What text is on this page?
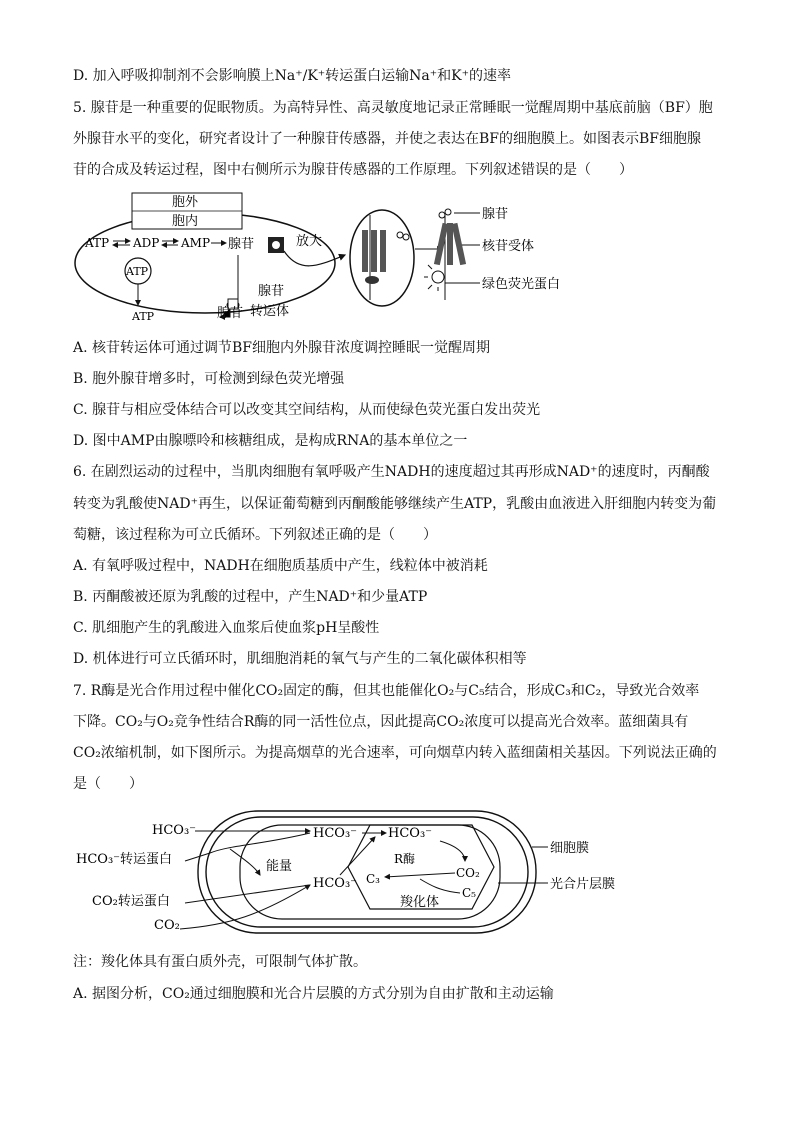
D. 加入呼吸抑制剂不会影响膜上Na⁺/K⁺转运蛋白运输Na⁺和K⁺的速率
5. 腺苷是一种重要的促眠物质。为高特异性、高灵敏度地记录正常睡眠一觉醒周期中基底前脑（BF）胞
外腺苷水平的变化，研究者设计了一种腺苷传感器，并使之表达在BF的细胞膜上。如图表示BF细胞腺
苷的合成及转运过程，图中右侧所示为腺苷传感器的工作原理。下列叙述错误的是（　　）
胞外
胞内
ATP ADP AMP 腺苷
ATP
ATP	腺苷
腺苷
转运体
放大
腺苷
核苷受体
绿色荧光蛋白
A. 核苷转运体可通过调节BF细胞内外腺苷浓度调控睡眠一觉醒周期
B. 胞外腺苷增多时，可检测到绿色荧光增强
C. 腺苷与相应受体结合可以改变其空间结构，从而使绿色荧光蛋白发出荧光
D. 图中AMP由腺嘌呤和核糖组成，是构成RNA的基本单位之一
6. 在剧烈运动的过程中，当肌肉细胞有氧呼吸产生NADH的速度超过其再形成NAD⁺的速度时，丙酮酸
转变为乳酸使NAD⁺再生，以保证葡萄糖到丙酮酸能够继续产生ATP，乳酸由血液进入肝细胞内转变为葡
萄糖，该过程称为可立氏循环。下列叙述正确的是（　　）
A. 有氧呼吸过程中，NADH在细胞质基质中产生，线粒体中被消耗
B. 丙酮酸被还原为乳酸的过程中，产生NAD⁺和少量ATP
C. 肌细胞产生的乳酸进入血浆后使血浆pH呈酸性
D. 机体进行可立氏循环时，肌细胞消耗的氧气与产生的二氧化碳体积相等
7. R酶是光合作用过程中催化CO₂固定的酶，但其也能催化O₂与C₅结合，形成C₃和C₂，导致光合效率
下降。CO₂与O₂竞争性结合R酶的同一活性位点，因此提高CO₂浓度可以提高光合效率。蓝细菌具有
CO₂浓缩机制，如下图所示。为提高烟草的光合速率，可向烟草内转入蓝细菌相关基因。下列说法正确的
是（　　）
HCO₃⁻
HCO₃⁻转运蛋白
CO₂转运蛋白
CO₂
能量
HCO₃⁻
HCO₃⁻
HCO₃⁻
R酶
C₃	CO₂
C₅
羧化体
细胞膜
光合片层膜
注：羧化体具有蛋白质外壳，可限制气体扩散。
A. 据图分析，CO₂通过细胞膜和光合片层膜的方式分别为自由扩散和主动运输
